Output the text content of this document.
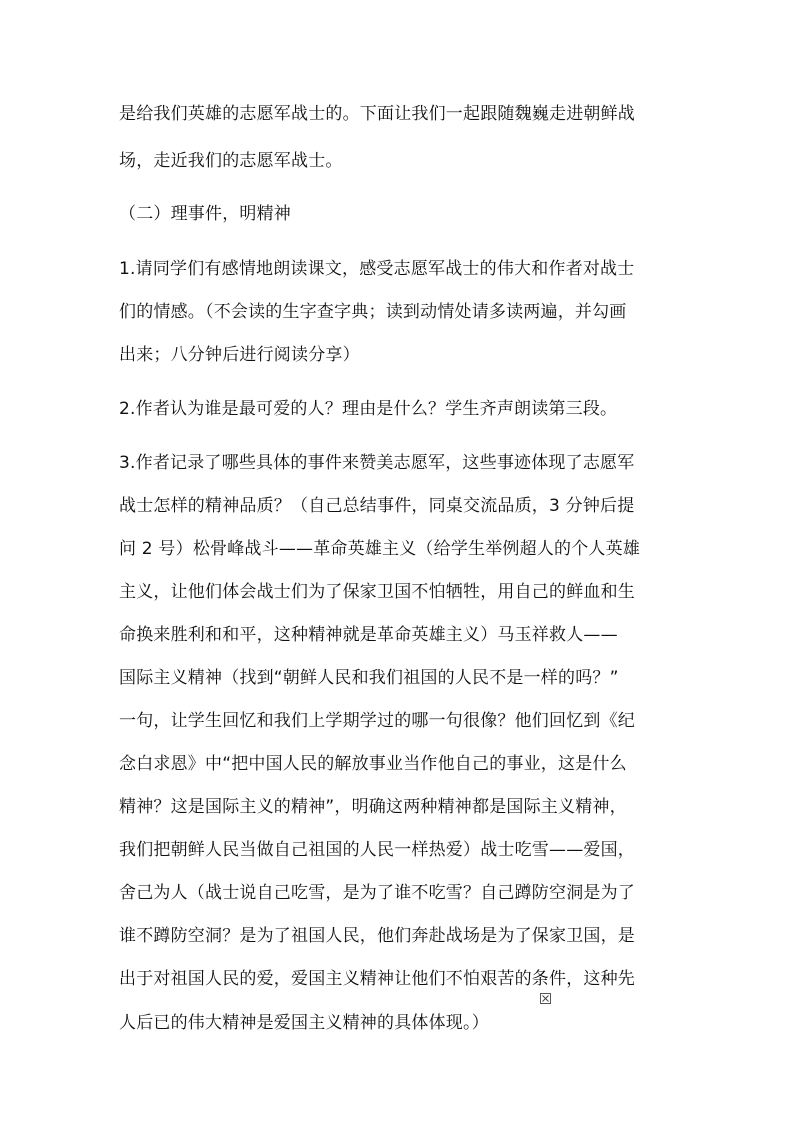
是给我们英雄的志愿军战士的。下面让我们一起跟随魏巍走进朝鲜战
场，走近我们的志愿军战士。
（二）理事件，明精神
1.请同学们有感情地朗读课文，感受志愿军战士的伟大和作者对战士
们的情感。（不会读的生字查字典；读到动情处请多读两遍，并勾画
出来；八分钟后进行阅读分享）
2.作者认为谁是最可爱的人？理由是什么？学生齐声朗读第三段。
3.作者记录了哪些具体的事件来赞美志愿军，这些事迹体现了志愿军
战士怎样的精神品质？（自己总结事件，同桌交流品质，3 分钟后提
问 2 号）松骨峰战斗——革命英雄主义（给学生举例超人的个人英雄
主义，让他们体会战士们为了保家卫国不怕牺牲，用自己的鲜血和生
命换来胜利和和平，这种精神就是革命英雄主义）马玉祥救人——
国际主义精神（找到“朝鲜人民和我们祖国的人民不是一样的吗？”
一句，让学生回忆和我们上学期学过的哪一句很像？他们回忆到《纪
念白求恩》中“把中国人民的解放事业当作他自己的事业，这是什么
精神？这是国际主义的精神”，明确这两种精神都是国际主义精神，
我们把朝鲜人民当做自己祖国的人民一样热爱）战士吃雪——爱国，
舍己为人（战士说自己吃雪，是为了谁不吃雪？自己蹲防空洞是为了
谁不蹲防空洞？是为了祖国人民，他们奔赴战场是为了保家卫国，是
出于对祖国人民的爱，爱国主义精神让他们不怕艰苦的条件，这种先
人后已的伟大精神是爱国主义精神的具体体现。）
